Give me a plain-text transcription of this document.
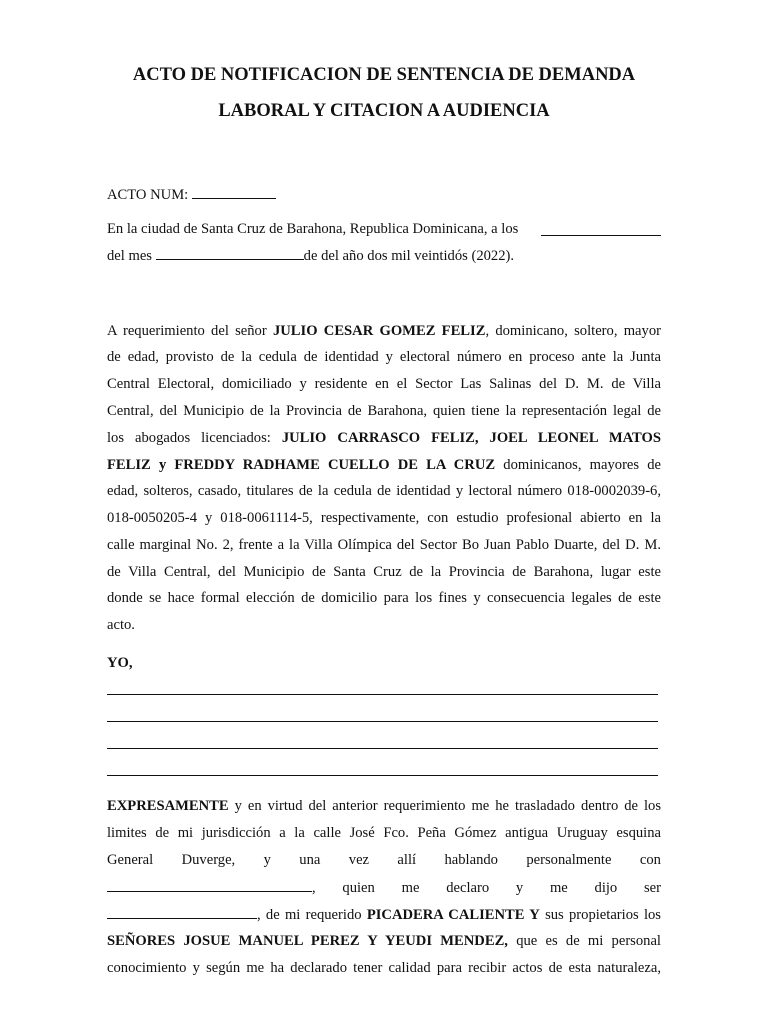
ACTO DE NOTIFICACION DE SENTENCIA DE DEMANDA
LABORAL Y CITACION A AUDIENCIA
ACTO NUM:
En la ciudad de Santa Cruz de Barahona, Republica Dominicana, a los
del mes	de del año dos mil veintidós (2022).
A requerimiento del señor JULIO CESAR GOMEZ FELIZ, dominicano, soltero, mayor
de edad, provisto de la cedula de identidad y electoral número en proceso ante la Junta
Central Electoral, domiciliado y residente en el Sector Las Salinas del D. M. de Villa
Central, del Municipio de la Provincia de Barahona, quien tiene la representación legal de
los abogados licenciados: JULIO CARRASCO FELIZ, JOEL LEONEL MATOS
FELIZ y FREDDY RADHAME CUELLO DE LA CRUZ dominicanos, mayores de
edad, solteros, casado, titulares de la cedula de identidad y lectoral número 018-0002039-6,
018-0050205-4 y 018-0061114-5, respectivamente, con estudio profesional abierto en la
calle marginal No. 2, frente a la Villa Olímpica del Sector Bo Juan Pablo Duarte, del D. M.
de Villa Central, del Municipio de Santa Cruz de la Provincia de Barahona, lugar este
donde se hace formal elección de domicilio para los fines y consecuencia legales de este
acto.
YO,
EXPRESAMENTE y en virtud del anterior requerimiento me he trasladado dentro de los
limites de mi jurisdicción a la calle José Fco. Peña Gómez antigua Uruguay esquina
General Duverge, y una vez allí hablando personalmente con
, quien me declaro y me dijo ser
, de mi requerido PICADERA CALIENTE Y sus propietarios los
SEÑORES JOSUE MANUEL PEREZ Y YEUDI MENDEZ, que es de mi personal
conocimiento y según me ha declarado tener calidad para recibir actos de esta naturaleza,
